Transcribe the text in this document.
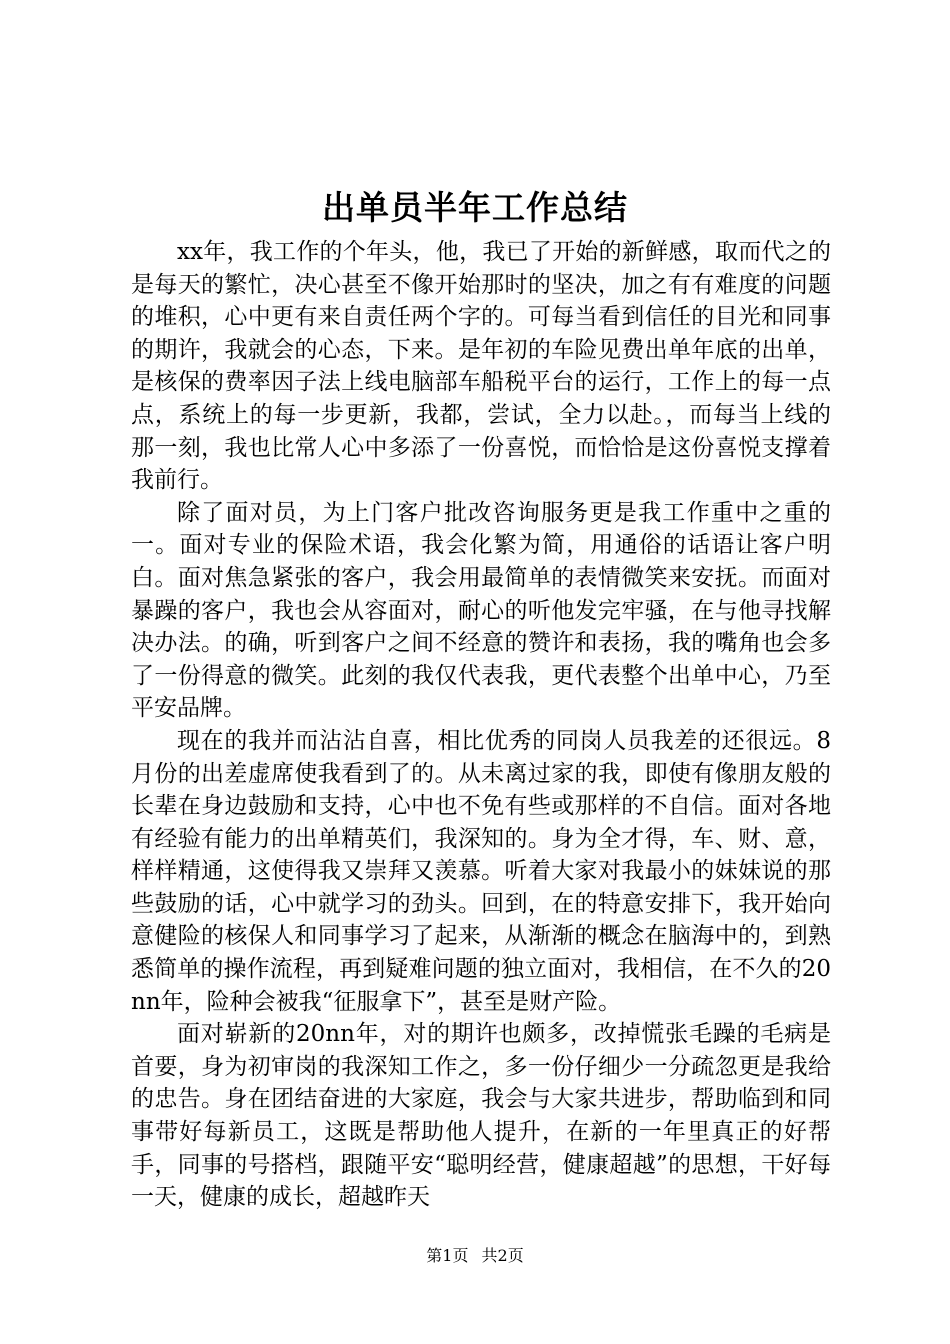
出单员半年工作总结

xx年，我工作的个年头，他，我已了开始的新鲜感，取而代之的是每天的繁忙，决心甚至不像开始那时的坚决，加之有有难度的问题的堆积，心中更有来自责任两个字的。可每当看到信任的目光和同事的期许，我就会的心态，下来。是年初的车险见费出单年底的出单，是核保的费率因子法上线电脑部车船税平台的运行，工作上的每一点点，系统上的每一步更新，我都，尝试，全力以赴。，而每当上线的那一刻，我也比常人心中多添了一份喜悦，而恰恰是这份喜悦支撑着我前行。

除了面对员，为上门客户批改咨询服务更是我工作重中之重的一。面对专业的保险术语，我会化繁为简，用通俗的话语让客户明白。面对焦急紧张的客户，我会用最简单的表情微笑来安抚。而面对暴躁的客户，我也会从容面对，耐心的听他发完牢骚，在与他寻找解决办法。的确，听到客户之间不经意的赞许和表扬，我的嘴角也会多了一份得意的微笑。此刻的我仅代表我，更代表整个出单中心，乃至平安品牌。

现在的我并而沾沾自喜，相比优秀的同岗人员我差的还很远。8月份的出差虚席使我看到了的。从未离过家的我，即使有像朋友般的长辈在身边鼓励和支持，心中也不免有些或那样的不自信。面对各地有经验有能力的出单精英们，我深知的。身为全才得，车、财、意，样样精通，这使得我又崇拜又羡慕。听着大家对我最小的妹妹说的那些鼓励的话，心中就学习的劲头。回到，在的特意安排下，我开始向意健险的核保人和同事学习了起来，从渐渐的概念在脑海中的，到熟悉简单的操作流程，再到疑难问题的独立面对，我相信，在不久的20nn年，险种会被我“征服拿下”，甚至是财产险。

面对崭新的20nn年，对的期许也颇多，改掉慌张毛躁的毛病是首要，身为初审岗的我深知工作之，多一份仔细少一分疏忽更是我给的忠告。身在团结奋进的大家庭，我会与大家共进步，帮助临到和同事带好每新员工，这既是帮助他人提升，在新的一年里真正的好帮手，同事的号搭档，跟随平安“聪明经营，健康超越”的思想，干好每一天，健康的成长，超越昨天

第1页 共2页
